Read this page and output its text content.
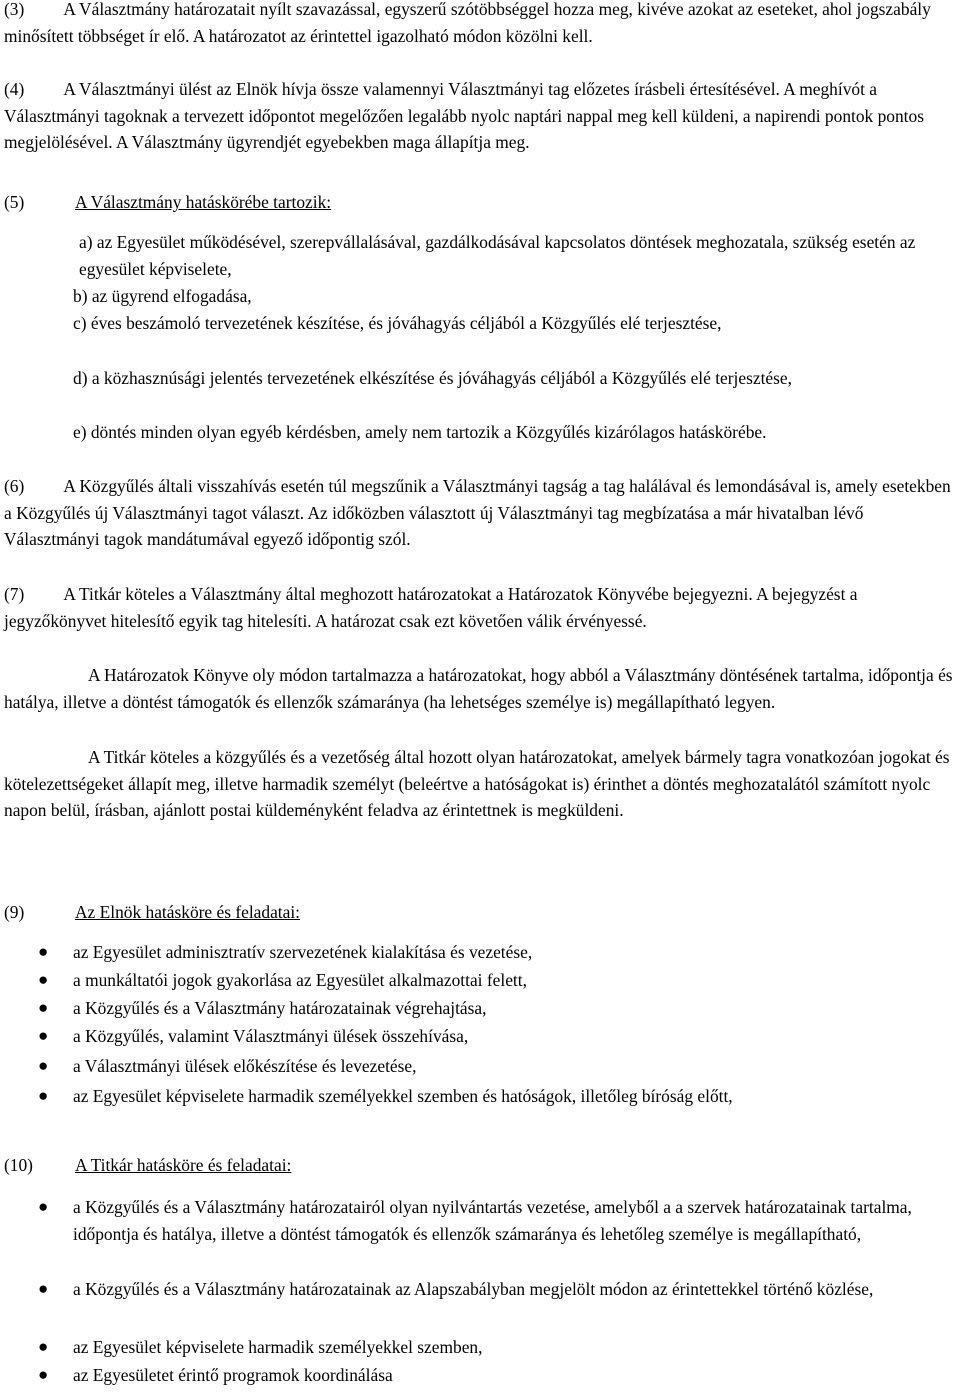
(3)         A Választmány határozatait nyílt szavazással, egyszerű szótöbbséggel hozza meg, kivéve azokat az eseteket, ahol jogszabály minősített többséget ír elő. A határozatot az érintettel igazolható módon közölni kell.

(4)         A Választmányi ülést az Elnök hívja össze valamennyi Választmányi tag előzetes írásbeli értesítésével. A meghívót a Választmányi tagoknak a tervezett időpontot megelőzően legalább nyolc naptári nappal meg kell küldeni, a napirendi pontok pontos megjelölésével. A Választmány ügyrendjét egyebekben maga állapítja meg.

(5)	A Választmány hatáskörébe tartozik:

a) az Egyesület működésével, szerepvállalásával, gazdálkodásával kapcsolatos döntések meghozatala, szükség esetén az egyesület képviselete,

b) az ügyrend elfogadása,

c) éves beszámoló tervezetének készítése, és jóváhagyás céljából a Közgyűlés elé terjesztése,

d) a közhasznúsági jelentés tervezetének elkészítése és jóváhagyás céljából a Közgyűlés elé terjesztése,

e) döntés minden olyan egyéb kérdésben, amely nem tartozik a Közgyűlés kizárólagos hatáskörébe.

(6)         A Közgyűlés általi visszahívás esetén túl megszűnik a Választmányi tagság a tag halálával és lemondásával is, amely esetekben a Közgyűlés új Választmányi tagot választ. Az időközben választott új Választmányi tag megbízatása a már hivatalban lévő Választmányi tagok mandátumával egyező időpontig szól.

(7)         A Titkár köteles a Választmány által meghozott határozatokat a Határozatok Könyvébe bejegyezni. A bejegyzést a jegyzőkönyvet hitelesítő egyik tag hitelesíti. A határozat csak ezt követően válik érvényessé.

A Határozatok Könyve oly módon tartalmazza a határozatokat, hogy abból a Választmány döntésének tartalma, időpontja és hatálya, illetve a döntést támogatók és ellenzők számaránya (ha lehetséges személye is) megállapítható legyen.

A Titkár köteles a közgyűlés és a vezetőség által hozott olyan határozatokat, amelyek bármely tagra vonatkozóan jogokat és kötelezettségeket állapít meg, illetve harmadik személyt (beleértve a hatóságokat is) érinthet a döntés meghozatalától számított nyolc napon belül, írásban, ajánlott postai küldeményként feladva az érintettnek is megküldeni.

(9)	Az Elnök hatásköre és feladatai:

● az Egyesület adminisztratív szervezetének kialakítása és vezetése,
● a munkáltatói jogok gyakorlása az Egyesület alkalmazottai felett,
● a Közgyűlés és a Választmány határozatainak végrehajtása,
● a Közgyűlés, valamint Választmányi ülések összehívása,
● a Választmányi ülések előkészítése és levezetése,
● az Egyesület képviselete harmadik személyekkel szemben és hatóságok, illetőleg bíróság előtt,

(10) A Titkár hatásköre és feladatai:

● a Közgyűlés és a Választmány határozatairól olyan nyilvántartás vezetése, amelyből a a szervek határozatainak tartalma, időpontja és hatálya, illetve a döntést támogatók és ellenzők számaránya és lehetőleg személye is megállapítható,
● a Közgyűlés és a Választmány határozatainak az Alapszabályban megjelölt módon az érintettekkel történő közlése,
● az Egyesület képviselete harmadik személyekkel szemben,
● az Egyesületet érintő programok koordinálása
